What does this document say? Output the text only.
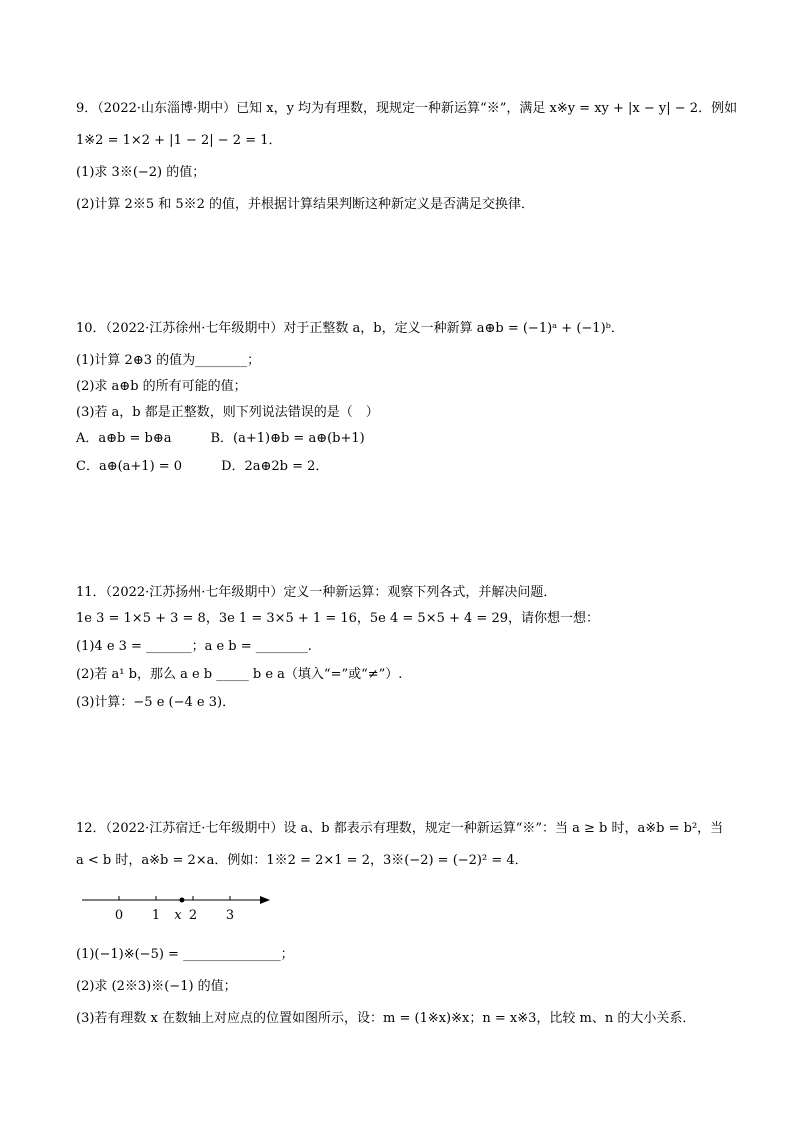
9．（2022·山东淄博·期中）已知 x，y 均为有理数，现规定一种新运算“※”，满足 x※y = xy + |x − y| − 2．例如
1※2 = 1×2 + |1 − 2| − 2 = 1．
(1)求 3※(−2) 的值；
(2)计算 2※5 和 5※2 的值，并根据计算结果判断这种新定义是否满足交换律．
10．（2022·江苏徐州·七年级期中）对于正整数 a，b，定义一种新算 a⊕b = (−1)ᵃ + (−1)ᵇ．
(1)计算 2⊕3 的值为________；
(2)求 a⊕b 的所有可能的值；
(3)若 a，b 都是正整数，则下列说法错误的是（　）
A．a⊕b = b⊕a　　　B．(a+1)⊕b = a⊕(b+1)
C．a⊕(a+1) = 0　　　D．2a⊕2b = 2．
11．（2022·江苏扬州·七年级期中）定义一种新运算：观察下列各式，并解决问题．
1e 3 = 1×5 + 3 = 8，3e 1 = 3×5 + 1 = 16，5e 4 = 5×5 + 4 = 29，请你想一想：
(1)4 e 3 = _______；a e b = ________.
(2)若 a¹ b，那么 a e b _____ b e a（填入“=”或“≠”）.
(3)计算：−5 e (−4 e 3)．
12．（2022·江苏宿迁·七年级期中）设 a、b 都表示有理数，规定一种新运算“※”：当 a ≥ b 时，a※b = b²，当
a < b 时，a※b = 2×a．例如：1※2 = 2×1 = 2，3※(−2) = (−2)² = 4．
0 1 2 3
x
(1)(−1)※(−5) = _______________；
(2)求 (2※3)※(−1) 的值；
(3)若有理数 x 在数轴上对应点的位置如图所示，设：m = (1※x)※x；n = x※3，比较 m、n 的大小关系．
